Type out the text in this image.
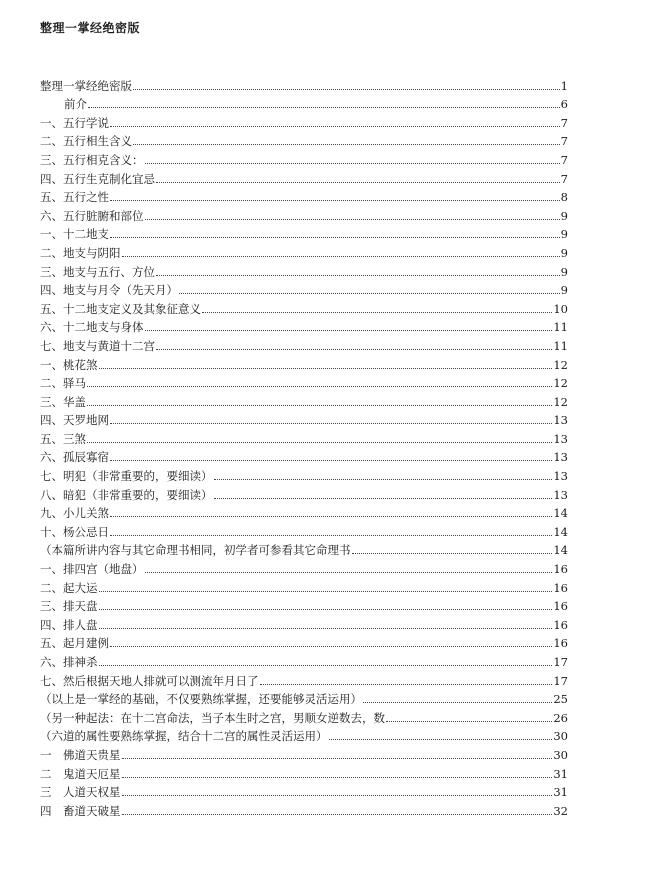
整理一掌经绝密版
整理一掌经绝密版	1
前介	6
一、五行学说	7
二、五行相生含义	7
三、五行相克含义：	7
四、五行生克制化宜忌	7
五、五行之性	8
六、五行脏腑和部位	9
一、十二地支	9
二、地支与阴阳	9
三、地支与五行、方位	9
四、地支与月令（先天月）	9
五、十二地支定义及其象征意义	10
六、十二地支与身体	11
七、地支与黄道十二宫	11
一、桃花煞	12
二、驿马	12
三、华盖	12
四、天罗地网	13
五、三煞	13
六、孤辰寡宿	13
七、明犯（非常重要的，要细读）	13
八、暗犯（非常重要的，要细读）	13
九、小儿关煞	14
十、杨公忌日	14
（本篇所讲内容与其它命理书相同，初学者可参看其它命理书	14
一、排四宫（地盘）	16
二、起大运	16
三、排天盘	16
四、排人盘	16
五、起月建例	16
六、排神杀	17
七、然后根据天地人排就可以测流年月日了	17
（以上是一掌经的基础，不仅要熟练掌握，还要能够灵活运用）	25
（另一种起法：在十二宫命法，当子本生时之宫，男顺女逆数去，数	26
（六道的属性要熟练掌握，结合十二宫的属性灵活运用）	30
一　佛道天贵星	30
二　鬼道天厄星	31
三　人道天权星	31
四　畜道天破星	32
